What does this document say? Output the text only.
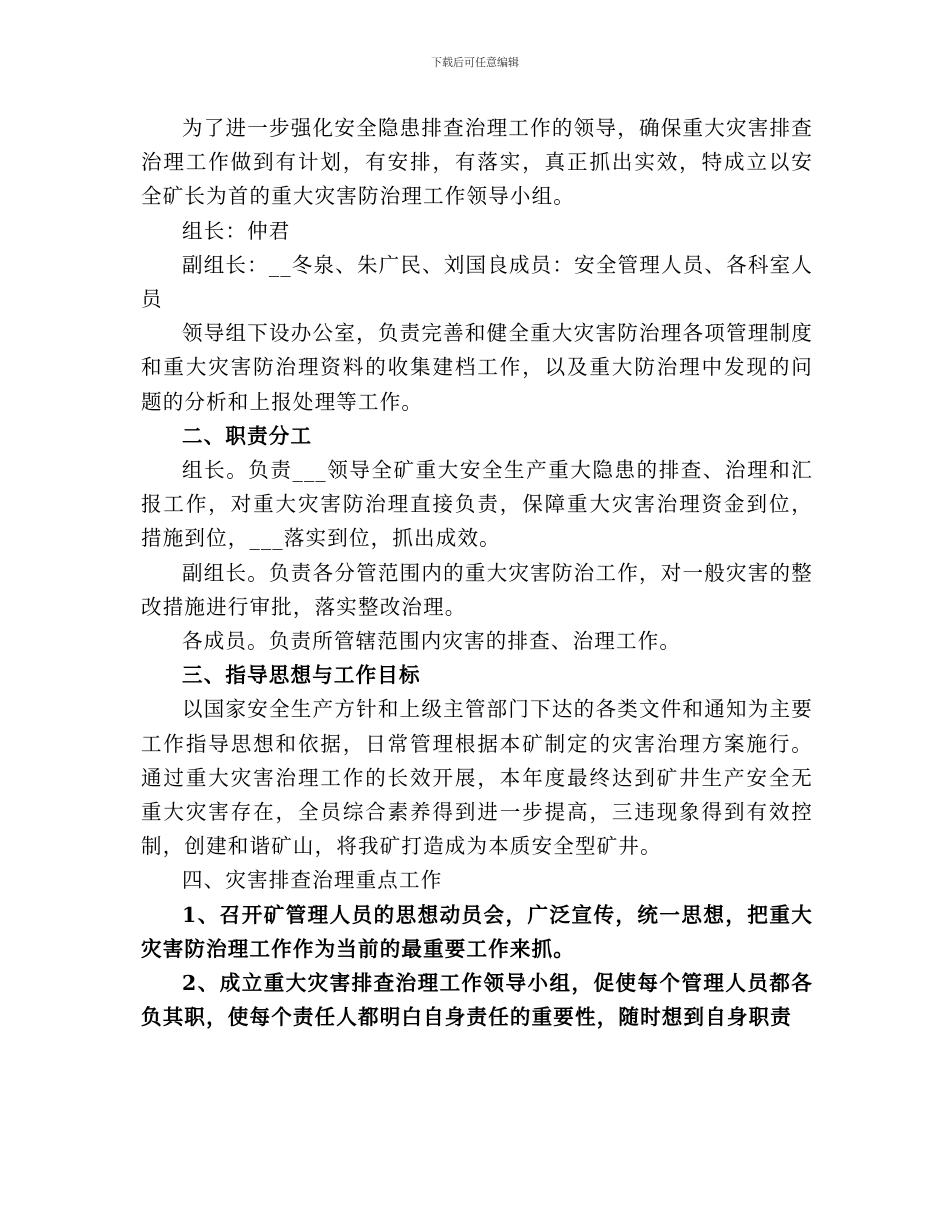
下载后可任意编辑

为了进一步强化安全隐患排查治理工作的领导，确保重大灾害排查治理工作做到有计划，有安排，有落实，真正抓出实效，特成立以安全矿长为首的重大灾害防治理工作领导小组。

组长：仲君

副组长：__冬泉、朱广民、刘国良成员：安全管理人员、各科室人员

领导组下设办公室，负责完善和健全重大灾害防治理各项管理制度和重大灾害防治理资料的收集建档工作，以及重大防治理中发现的问题的分析和上报处理等工作。

二、职责分工

组长。负责___领导全矿重大安全生产重大隐患的排查、治理和汇报工作，对重大灾害防治理直接负责，保障重大灾害治理资金到位，措施到位，___落实到位，抓出成效。

副组长。负责各分管范围内的重大灾害防治工作，对一般灾害的整改措施进行审批，落实整改治理。

各成员。负责所管辖范围内灾害的排查、治理工作。

三、指导思想与工作目标

以国家安全生产方针和上级主管部门下达的各类文件和通知为主要工作指导思想和依据，日常管理根据本矿制定的灾害治理方案施行。通过重大灾害治理工作的长效开展，本年度最终达到矿井生产安全无重大灾害存在，全员综合素养得到进一步提高，三违现象得到有效控制，创建和谐矿山，将我矿打造成为本质安全型矿井。

四、灾害排查治理重点工作

1、召开矿管理人员的思想动员会，广泛宣传，统一思想，把重大灾害防治理工作作为当前的最重要工作来抓。

2、成立重大灾害排查治理工作领导小组，促使每个管理人员都各负其职，使每个责任人都明白自身责任的重要性，随时想到自身职责
